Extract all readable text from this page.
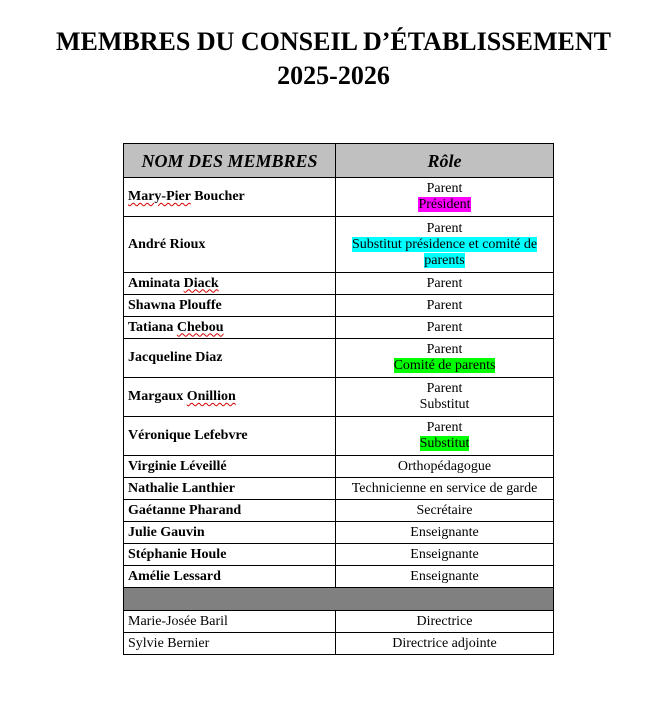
MEMBRES DU CONSEIL D’ÉTABLISSEMENT
2025-2026
NOM DES MEMBRES	Rôle
Mary-Pier Boucher	Parent
Président

André Rioux	Parent
Substitut présidence et comité de parents

Aminata Diack	Parent
Shawna Plouffe	Parent
Tatiana Chebou	Parent
Jacqueline Diaz	Parent
Comité de parents

Margaux Onillion	Parent
Substitut

Véronique Lefebvre	Parent
Substitut

Virginie Léveillé	Orthopédagogue
Nathalie Lanthier	Technicienne en service de garde
Gaétanne Pharand	Secrétaire
Julie Gauvin	Enseignante
Stéphanie Houle	Enseignante
Amélie Lessard	Enseignante

Marie-Josée Baril	Directrice
Sylvie Bernier	Directrice adjointe
